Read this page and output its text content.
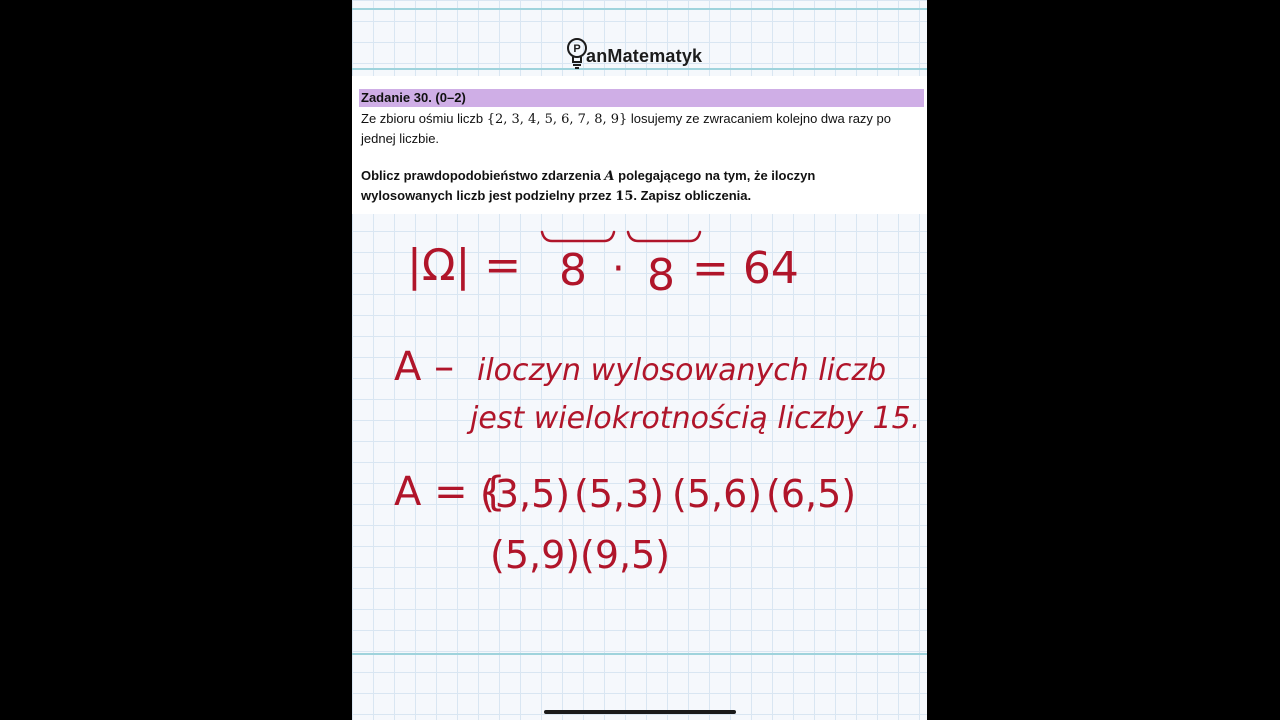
P anMatematyk
Zadanie 30. (0–2)
Ze zbioru ośmiu liczb {2, 3, 4, 5, 6, 7, 8, 9} losujemy ze zwracaniem kolejno dwa razy po
jednej liczbie.
Oblicz prawdopodobieństwo zdarzenia A polegającego na tym, że iloczyn
wylosowanych liczb jest podzielny przez 15. Zapisz obliczenia.
|Ω| = 8 · 8 = 64
A – iloczyn wylosowanych liczb
jest wielokrotnością liczby 15.
A = {
(3,5) (5,3) (5,6) (6,5)
(5,9) (9,5)
